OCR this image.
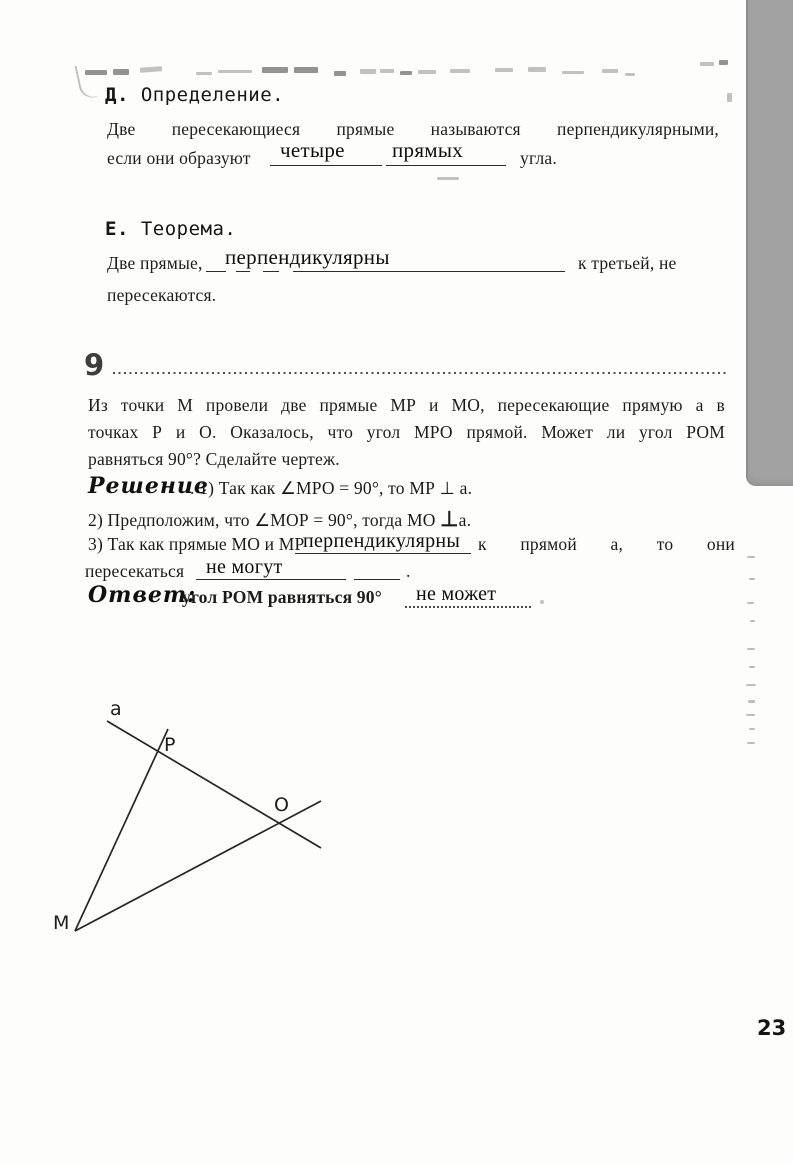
Д. Определение.
Две пересекающиеся прямые называются перпендикулярными,
если они образуют четыре прямых	угла.
Е. Теорема.
Две прямые, перпендикулярны	к третьей, не
пересекаются.
9
Из точки М провели две прямые МР и МО, пересекающие прямую а в
точках Р и О. Оказалось, что угол МРО прямой. Может ли угол РОМ
равняться 90°? Сделайте чертеж.
Решение
. 1) Так как ∠МРО = 90°, то МР ⊥ а.
2) Предположим, что ∠МОР = 90°, тогда МО ⊥а.
3) Так как прямые МО и МР
перпендикулярны к прямой а, то они
пересекаться не могут	.
Ответ:
угол РОМ равняться 90° не может
a
P
O
M
23
